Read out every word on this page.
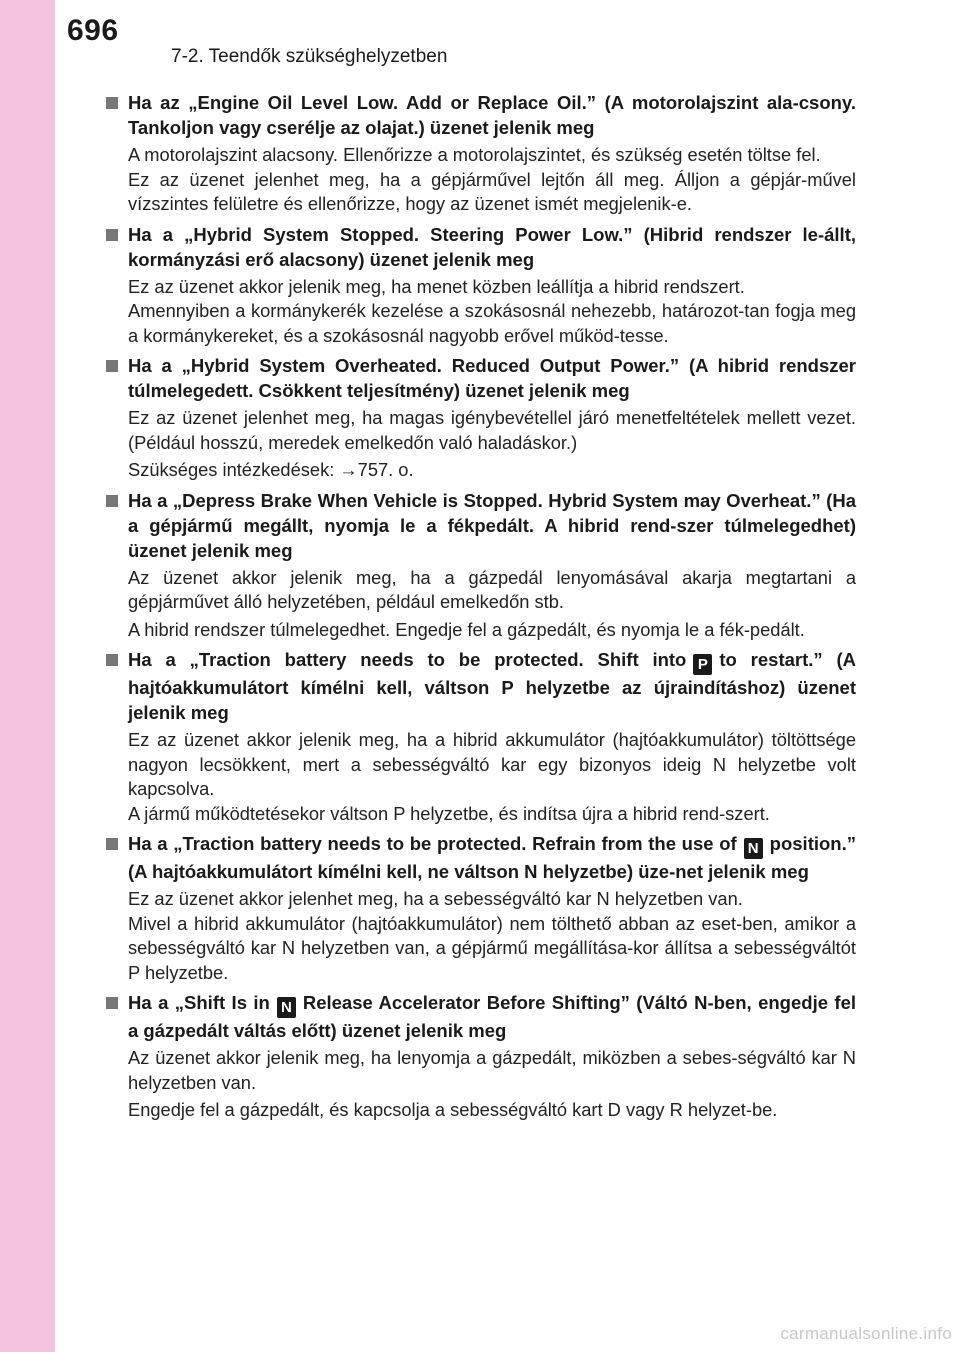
696
7-2. Teendők szükséghelyzetben

Ha az „Engine Oil Level Low. Add or Replace Oil.” (A motorolajszint ala-csony. Tankoljon vagy cserélje az olajat.) üzenet jelenik meg

A motorolajszint alacsony. Ellenőrizze a motorolajszintet, és szükség esetén töltse fel.
Ez az üzenet jelenhet meg, ha a gépjárművel lejtőn áll meg. Álljon a gépjár-művel vízszintes felületre és ellenőrizze, hogy az üzenet ismét megjelenik-e.

Ha a „Hybrid System Stopped. Steering Power Low.” (Hibrid rendszer le-állt, kormányzási erő alacsony) üzenet jelenik meg

Ez az üzenet akkor jelenik meg, ha menet közben leállítja a hibrid rendszert.
Amennyiben a kormánykerék kezelése a szokásosnál nehezebb, határozot-tan fogja meg a kormánykereket, és a szokásosnál nagyobb erővel működ-tesse.

Ha a „Hybrid System Overheated. Reduced Output Power.” (A hibrid rendszer túlmelegedett. Csökkent teljesítmény) üzenet jelenik meg

Ez az üzenet jelenhet meg, ha magas igénybevétellel járó menetfeltételek mellett vezet. (Például hosszú, meredek emelkedőn való haladáskor.)

Szükséges intézkedések: →757. o.

Ha a „Depress Brake When Vehicle is Stopped. Hybrid System may Overheat.” (Ha a gépjármű megállt, nyomja le a fékpedált. A hibrid rend-szer túlmelegedhet) üzenet jelenik meg

Az üzenet akkor jelenik meg, ha a gázpedál lenyomásával akarja megtartani a gépjárművet álló helyzetében, például emelkedőn stb.

A hibrid rendszer túlmelegedhet. Engedje fel a gázpedált, és nyomja le a fék-pedált.

Ha a „Traction battery needs to be protected. Shift into P to restart.” (A hajtóakkumulátort kímélni kell, váltson P helyzetbe az újraindításhoz) üzenet jelenik meg

Ez az üzenet akkor jelenik meg, ha a hibrid akkumulátor (hajtóakkumulátor) töltöttsége nagyon lecsökkent, mert a sebességváltó kar egy bizonyos ideig N helyzetbe volt kapcsolva.
A jármű működtetésekor váltson P helyzetbe, és indítsa újra a hibrid rend-szert.

Ha a „Traction battery needs to be protected. Refrain from the use of N position.” (A hajtóakkumulátort kímélni kell, ne váltson N helyzetbe) üze-net jelenik meg

Ez az üzenet akkor jelenhet meg, ha a sebességváltó kar N helyzetben van.
Mivel a hibrid akkumulátor (hajtóakkumulátor) nem tölthető abban az eset-ben, amikor a sebességváltó kar N helyzetben van, a gépjármű megállítása-kor állítsa a sebességváltót P helyzetbe.

Ha a „Shift Is in N Release Accelerator Before Shifting” (Váltó N-ben, engedje fel a gázpedált váltás előtt) üzenet jelenik meg

Az üzenet akkor jelenik meg, ha lenyomja a gázpedált, miközben a sebes-ségváltó kar N helyzetben van.

Engedje fel a gázpedált, és kapcsolja a sebességváltó kart D vagy R helyzet-be.

carmanualsonline.info
